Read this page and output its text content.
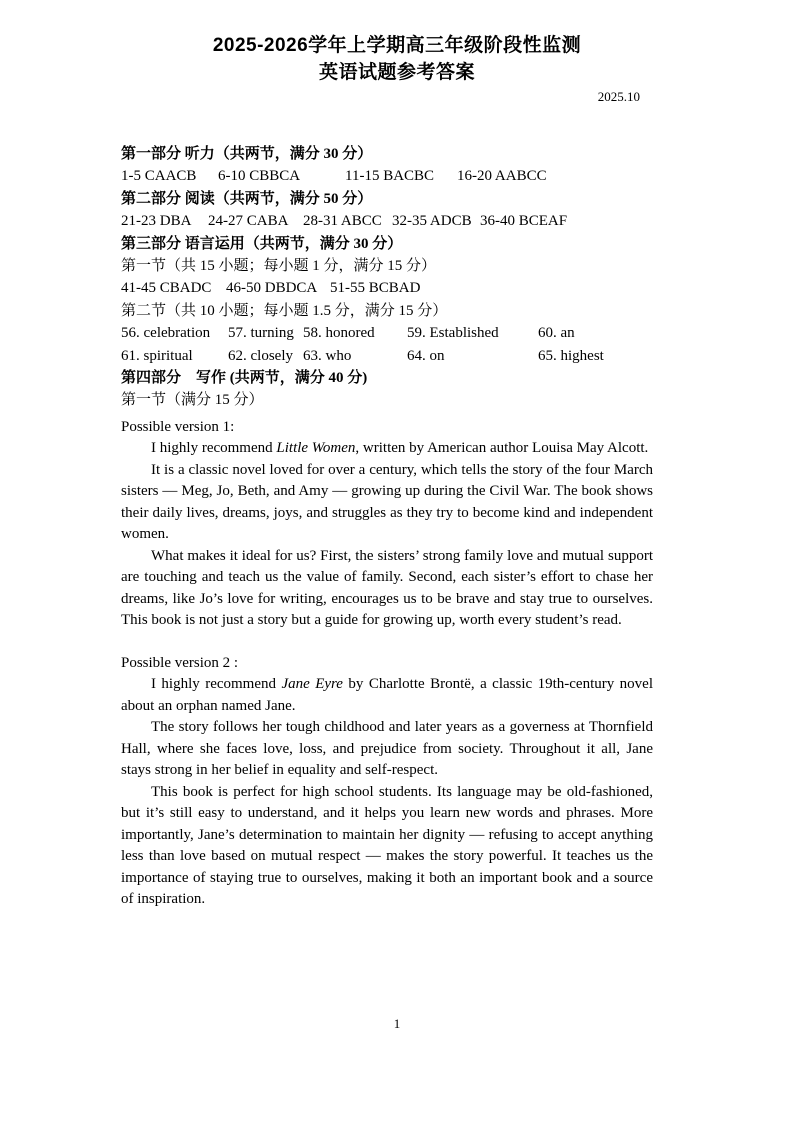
2025-2026学年上学期高三年级阶段性监测
英语试题参考答案
2025.10
第一部分 听力（共两节，满分 30 分）
1-5 CAACB	6-10 CBBCA	11-15 BACBC	16-20 AABCC
第二部分 阅读（共两节，满分 50 分）
21-23 DBA	24-27 CABA 28-31 ABCC 32-35 ADCB 36-40 BCEAF
第三部分 语言运用（共两节，满分 30 分）
第一节（共 15 小题；每小题 1 分，满分 15 分）
41-45 CBADC 46-50 DBDCA 51-55 BCBAD
第二节（共 10 小题；每小题 1.5 分，满分 15 分）
56. celebration	57. turning 58. honored	59. Established	60. an
61. spiritual	62. closely 63. who	64. on	65. highest
第四部分　写作 (共两节，满分 40 分)
第一节（满分 15 分）

Possible version 1:

I highly recommend Little Women, written by American author Louisa May Alcott.

It is a classic novel loved for over a century, which tells the story of the four March sisters — Meg, Jo, Beth, and Amy — growing up during the Civil War. The book shows their daily lives, dreams, joys, and struggles as they try to become kind and independent women.

What makes it ideal for us? First, the sisters’ strong family love and mutual support are touching and teach us the value of family. Second, each sister’s effort to chase her dreams, like Jo’s love for writing, encourages us to be brave and stay true to ourselves. This book is not just a story but a guide for growing up, worth every student’s read.

Possible version 2 :

I highly recommend Jane Eyre by Charlotte Brontë, a classic 19th-century novel about an orphan named Jane.

The story follows her tough childhood and later years as a governess at Thornfield Hall, where she faces love, loss, and prejudice from society. Throughout it all, Jane stays strong in her belief in equality and self-respect.

This book is perfect for high school students. Its language may be old-fashioned, but it’s still easy to understand, and it helps you learn new words and phrases. More importantly, Jane’s determination to maintain her dignity — refusing to accept anything less than love based on mutual respect — makes the story powerful. It teaches us the importance of staying true to ourselves, making it both an important book and a source of inspiration.

1
